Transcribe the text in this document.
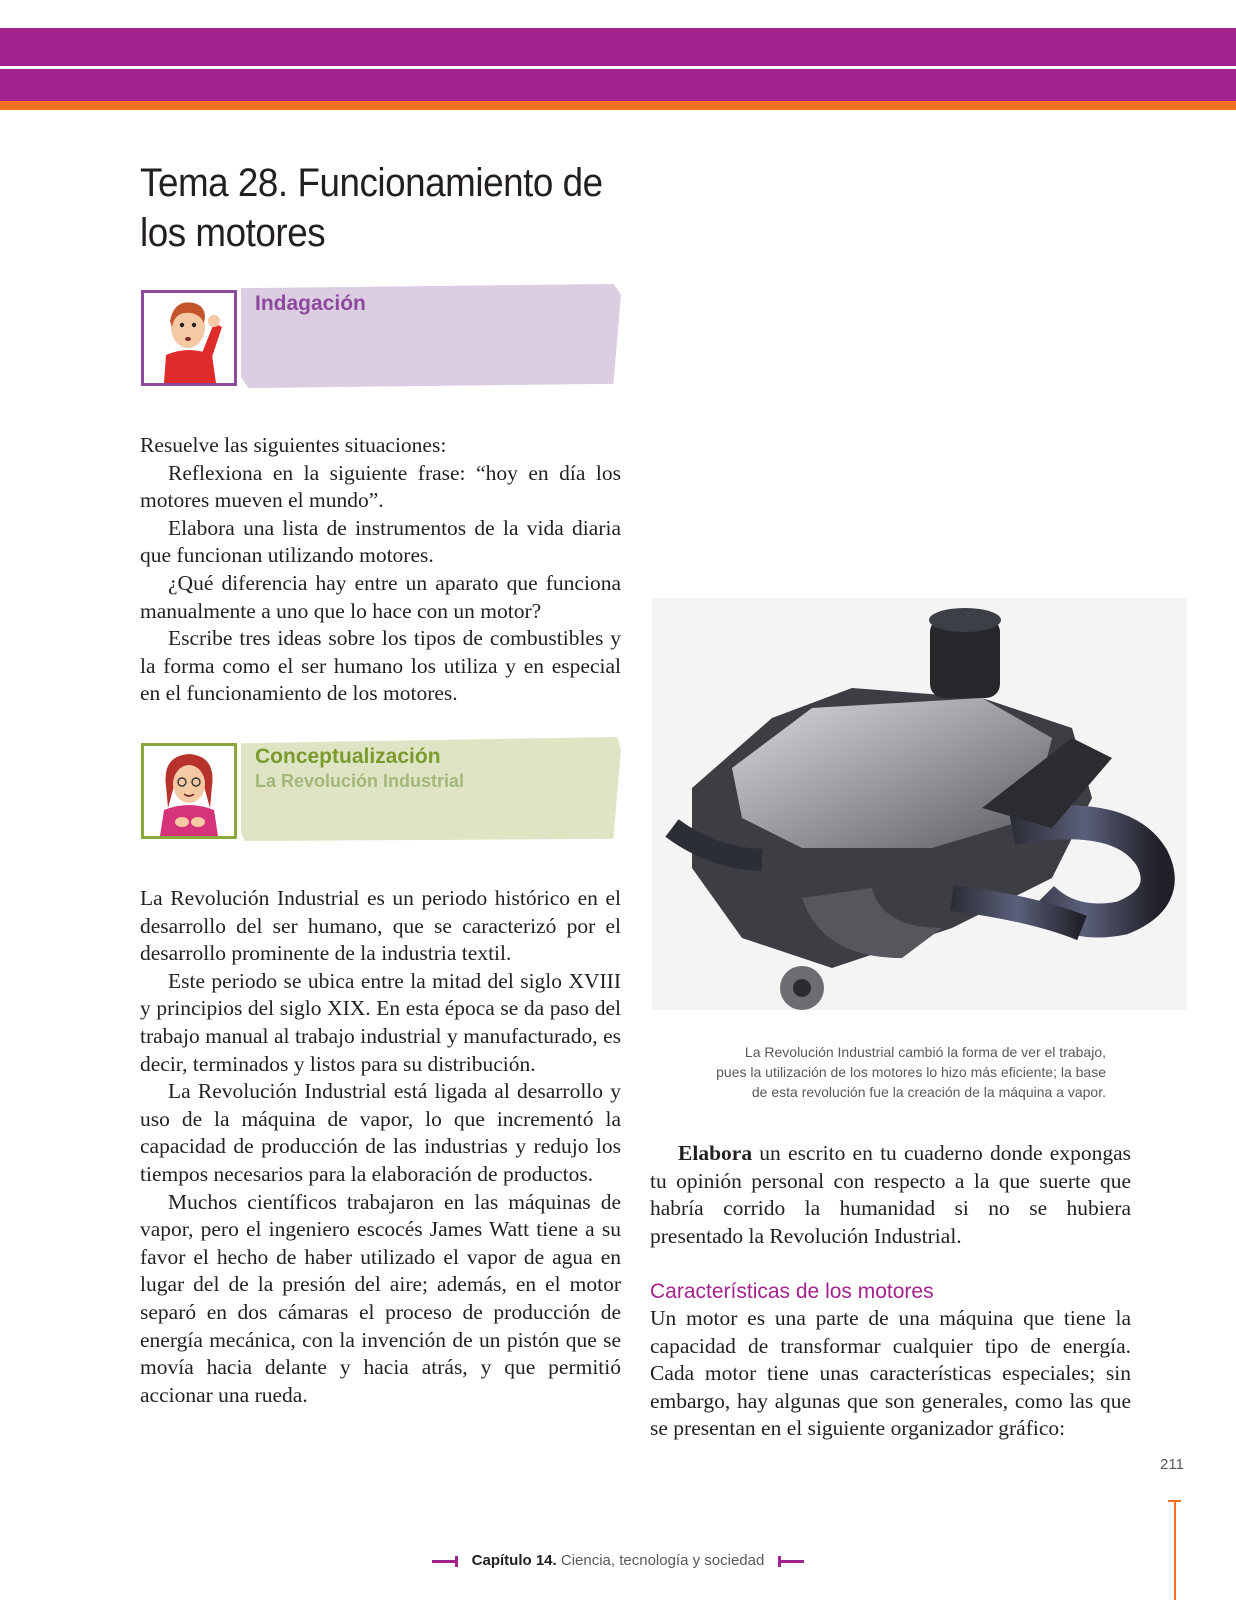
Tema 28. Funcionamiento de los motores
Indagación
Resuelve las siguientes situaciones:
Reflexiona en la siguiente frase: “hoy en día los motores mueven el mundo”.
Elabora una lista de instrumentos de la vida diaria que funcionan utilizando motores.
¿Qué diferencia hay entre un aparato que funciona manualmente a uno que lo hace con un motor?
Escribe tres ideas sobre los tipos de combustibles y la forma como el ser humano los utiliza y en especial en el funcionamiento de los motores.
Conceptualización
La Revolución Industrial
La Revolución Industrial es un periodo histórico en el desarrollo del ser humano, que se caracterizó por el desarrollo prominente de la industria textil.
Este periodo se ubica entre la mitad del siglo XVIII y principios del siglo XIX. En esta época se da paso del trabajo manual al trabajo industrial y manufacturado, es decir, terminados y listos para su distribución.
La Revolución Industrial está ligada al desarrollo y uso de la máquina de vapor, lo que incrementó la capacidad de producción de las industrias y redujo los tiempos necesarios para la elaboración de productos.
Muchos científicos trabajaron en las máquinas de vapor, pero el ingeniero escocés James Watt tiene a su favor el hecho de haber utilizado el vapor de agua en lugar del de la presión del aire; además, en el motor separó en dos cámaras el proceso de producción de energía mecánica, con la invención de un pistón que se movía hacia delante y hacia atrás, y que permitió accionar una rueda.

La Revolución Industrial cambió la forma de ver el trabajo,
pues la utilización de los motores lo hizo más eficiente; la base
de esta revolución fue la creación de la máquina a vapor.

Elabora un escrito en tu cuaderno donde expongas tu opinión personal con respecto a la que suerte que habría corrido la humanidad si no se hubiera presentado la Revolución Industrial.

Características de los motores

Un motor es una parte de una máquina que tiene la capacidad de transformar cualquier tipo de energía. Cada motor tiene unas características especiales; sin embargo, hay algunas que son generales, como las que se presentan en el siguiente organizador gráfico:

211
Capítulo 14. Ciencia, tecnología y sociedad
